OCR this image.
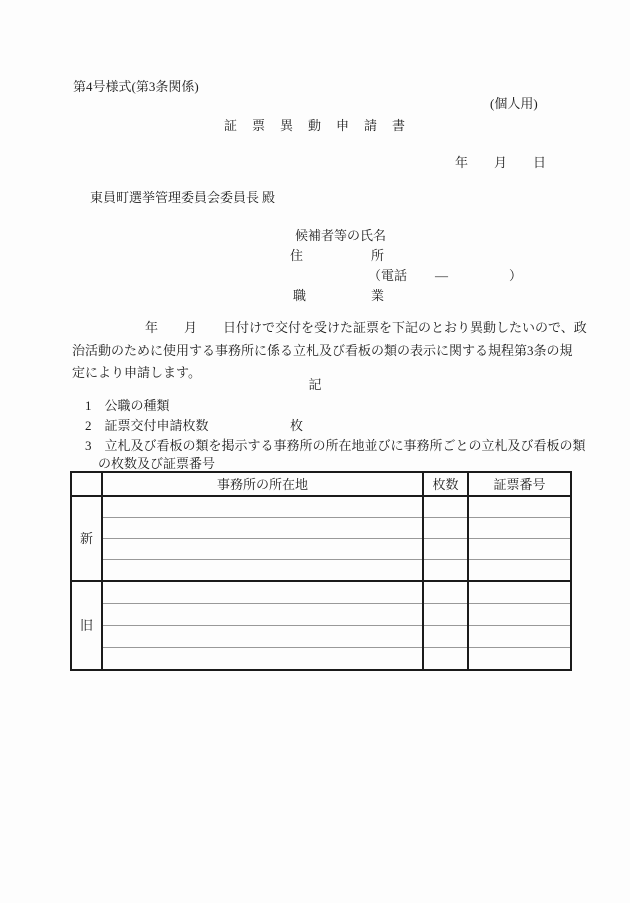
第4号様式(第3条関係)
(個人用)
証　票　異　動　申　請　書
年　　月　　日
東員町選挙管理委員会委員長 殿
候補者等の氏名
住	所
（電話 —	）
職	業
年　　月　　日付けで交付を受けた証票を下記のとおり異動したいので、政
治活動のために使用する事務所に係る立札及び看板の類の表示に関する規程第3条の規
定により申請します。
記
1　公職の種類
2　証票交付申請枚数	枚
3　立札及び看板の類を掲示する事務所の所在地並びに事務所ごとの立札及び看板の類
の枚数及び証票番号
	事務所の所在地	枚数	証票番号
新			

旧			
